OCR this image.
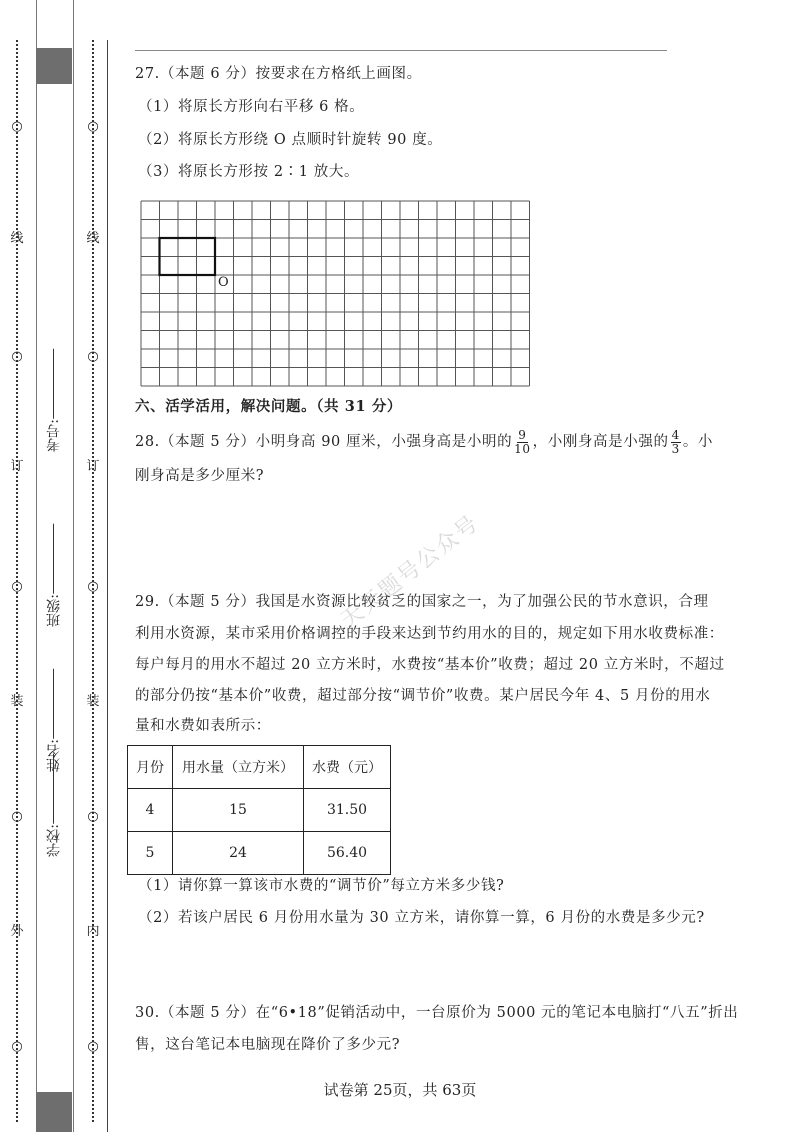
○
线
○
订
○
装
○
外
○
考号:
班级:
姓名:
学校:
○
线
○
订
○
装
○
内
○
27.（本题 6 分）按要求在方格纸上画图。
（1）将原长方形向右平移 6 格。
（2）将原长方形绕 O 点顺时针旋转 90 度。
（3）将原长方形按 2∶1 放大。
O
六、活学活用，解决问题。（共 31 分）
28.（本题 5 分）小明身高 90 厘米，小强身高是小明的 $\frac{9}{10}$ ，小刚身高是小强的 $\frac{4}{3}$ 。小
刚身高是多少厘米?
天天题号公众号
29.（本题 5 分）我国是水资源比较贫乏的国家之一，为了加强公民的节水意识，合理
利用水资源，某市采用价格调控的手段来达到节约用水的目的，规定如下用水收费标准：
每户每月的用水不超过 20 立方米时，水费按“基本价”收费；超过 20 立方米时，不超过
的部分仍按“基本价”收费，超过部分按“调节价”收费。某户居民今年 4、5 月份的用水
量和水费如表所示：
月份	用水量（立方米）	水费（元）
4	15	31.50
5	24	56.40
（1）请你算一算该市水费的“调节价”每立方米多少钱?
（2）若该户居民 6 月份用水量为 30 立方米，请你算一算，6 月份的水费是多少元?
30.（本题 5 分）在“6•18”促销活动中，一台原价为 5000 元的笔记本电脑打“八五”折出
售，这台笔记本电脑现在降价了多少元?
试卷第 25页，共 63页
